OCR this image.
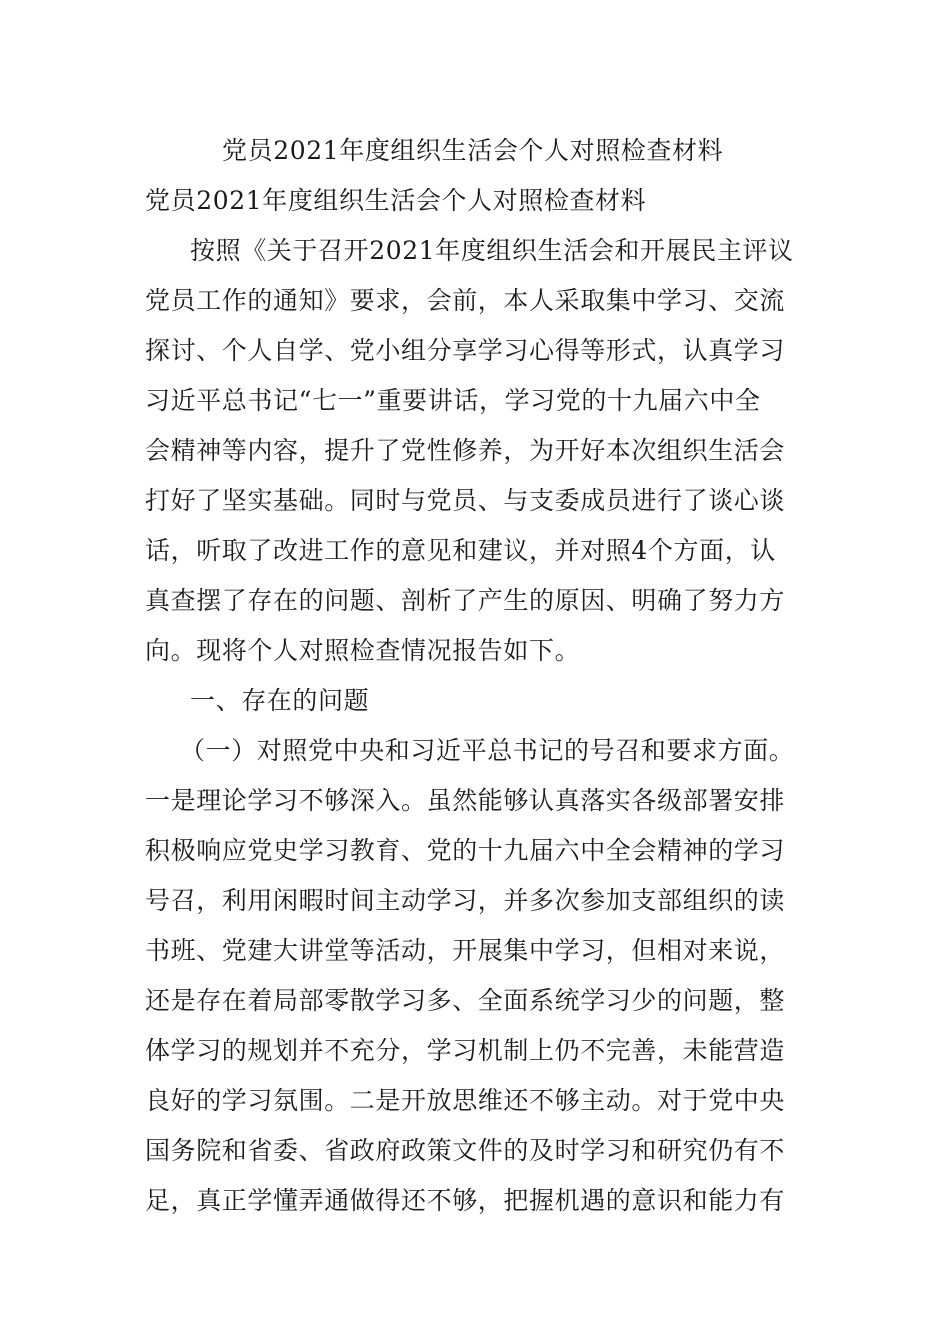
党员2021年度组织生活会个人对照检查材料
党员2021年度组织生活会个人对照检查材料
按照《关于召开2021年度组织生活会和开展民主评议
党员工作的通知》要求，会前，本人采取集中学习、交流
探讨、个人自学、党小组分享学习心得等形式，认真学习
习近平总书记“七一”重要讲话，学习党的十九届六中全
会精神等内容，提升了党性修养，为开好本次组织生活会
打好了坚实基础。同时与党员、与支委成员进行了谈心谈
话，听取了改进工作的意见和建议，并对照4个方面，认
真查摆了存在的问题、剖析了产生的原因、明确了努力方
向。现将个人对照检查情况报告如下。
一、存在的问题
（一）对照党中央和习近平总书记的号召和要求方面。
一是理论学习不够深入。虽然能够认真落实各级部署安排
积极响应党史学习教育、党的十九届六中全会精神的学习
号召，利用闲暇时间主动学习，并多次参加支部组织的读
书班、党建大讲堂等活动，开展集中学习，但相对来说，
还是存在着局部零散学习多、全面系统学习少的问题，整
体学习的规划并不充分，学习机制上仍不完善，未能营造
良好的学习氛围。二是开放思维还不够主动。对于党中央
国务院和省委、省政府政策文件的及时学习和研究仍有不
足，真正学懂弄通做得还不够，把握机遇的意识和能力有
